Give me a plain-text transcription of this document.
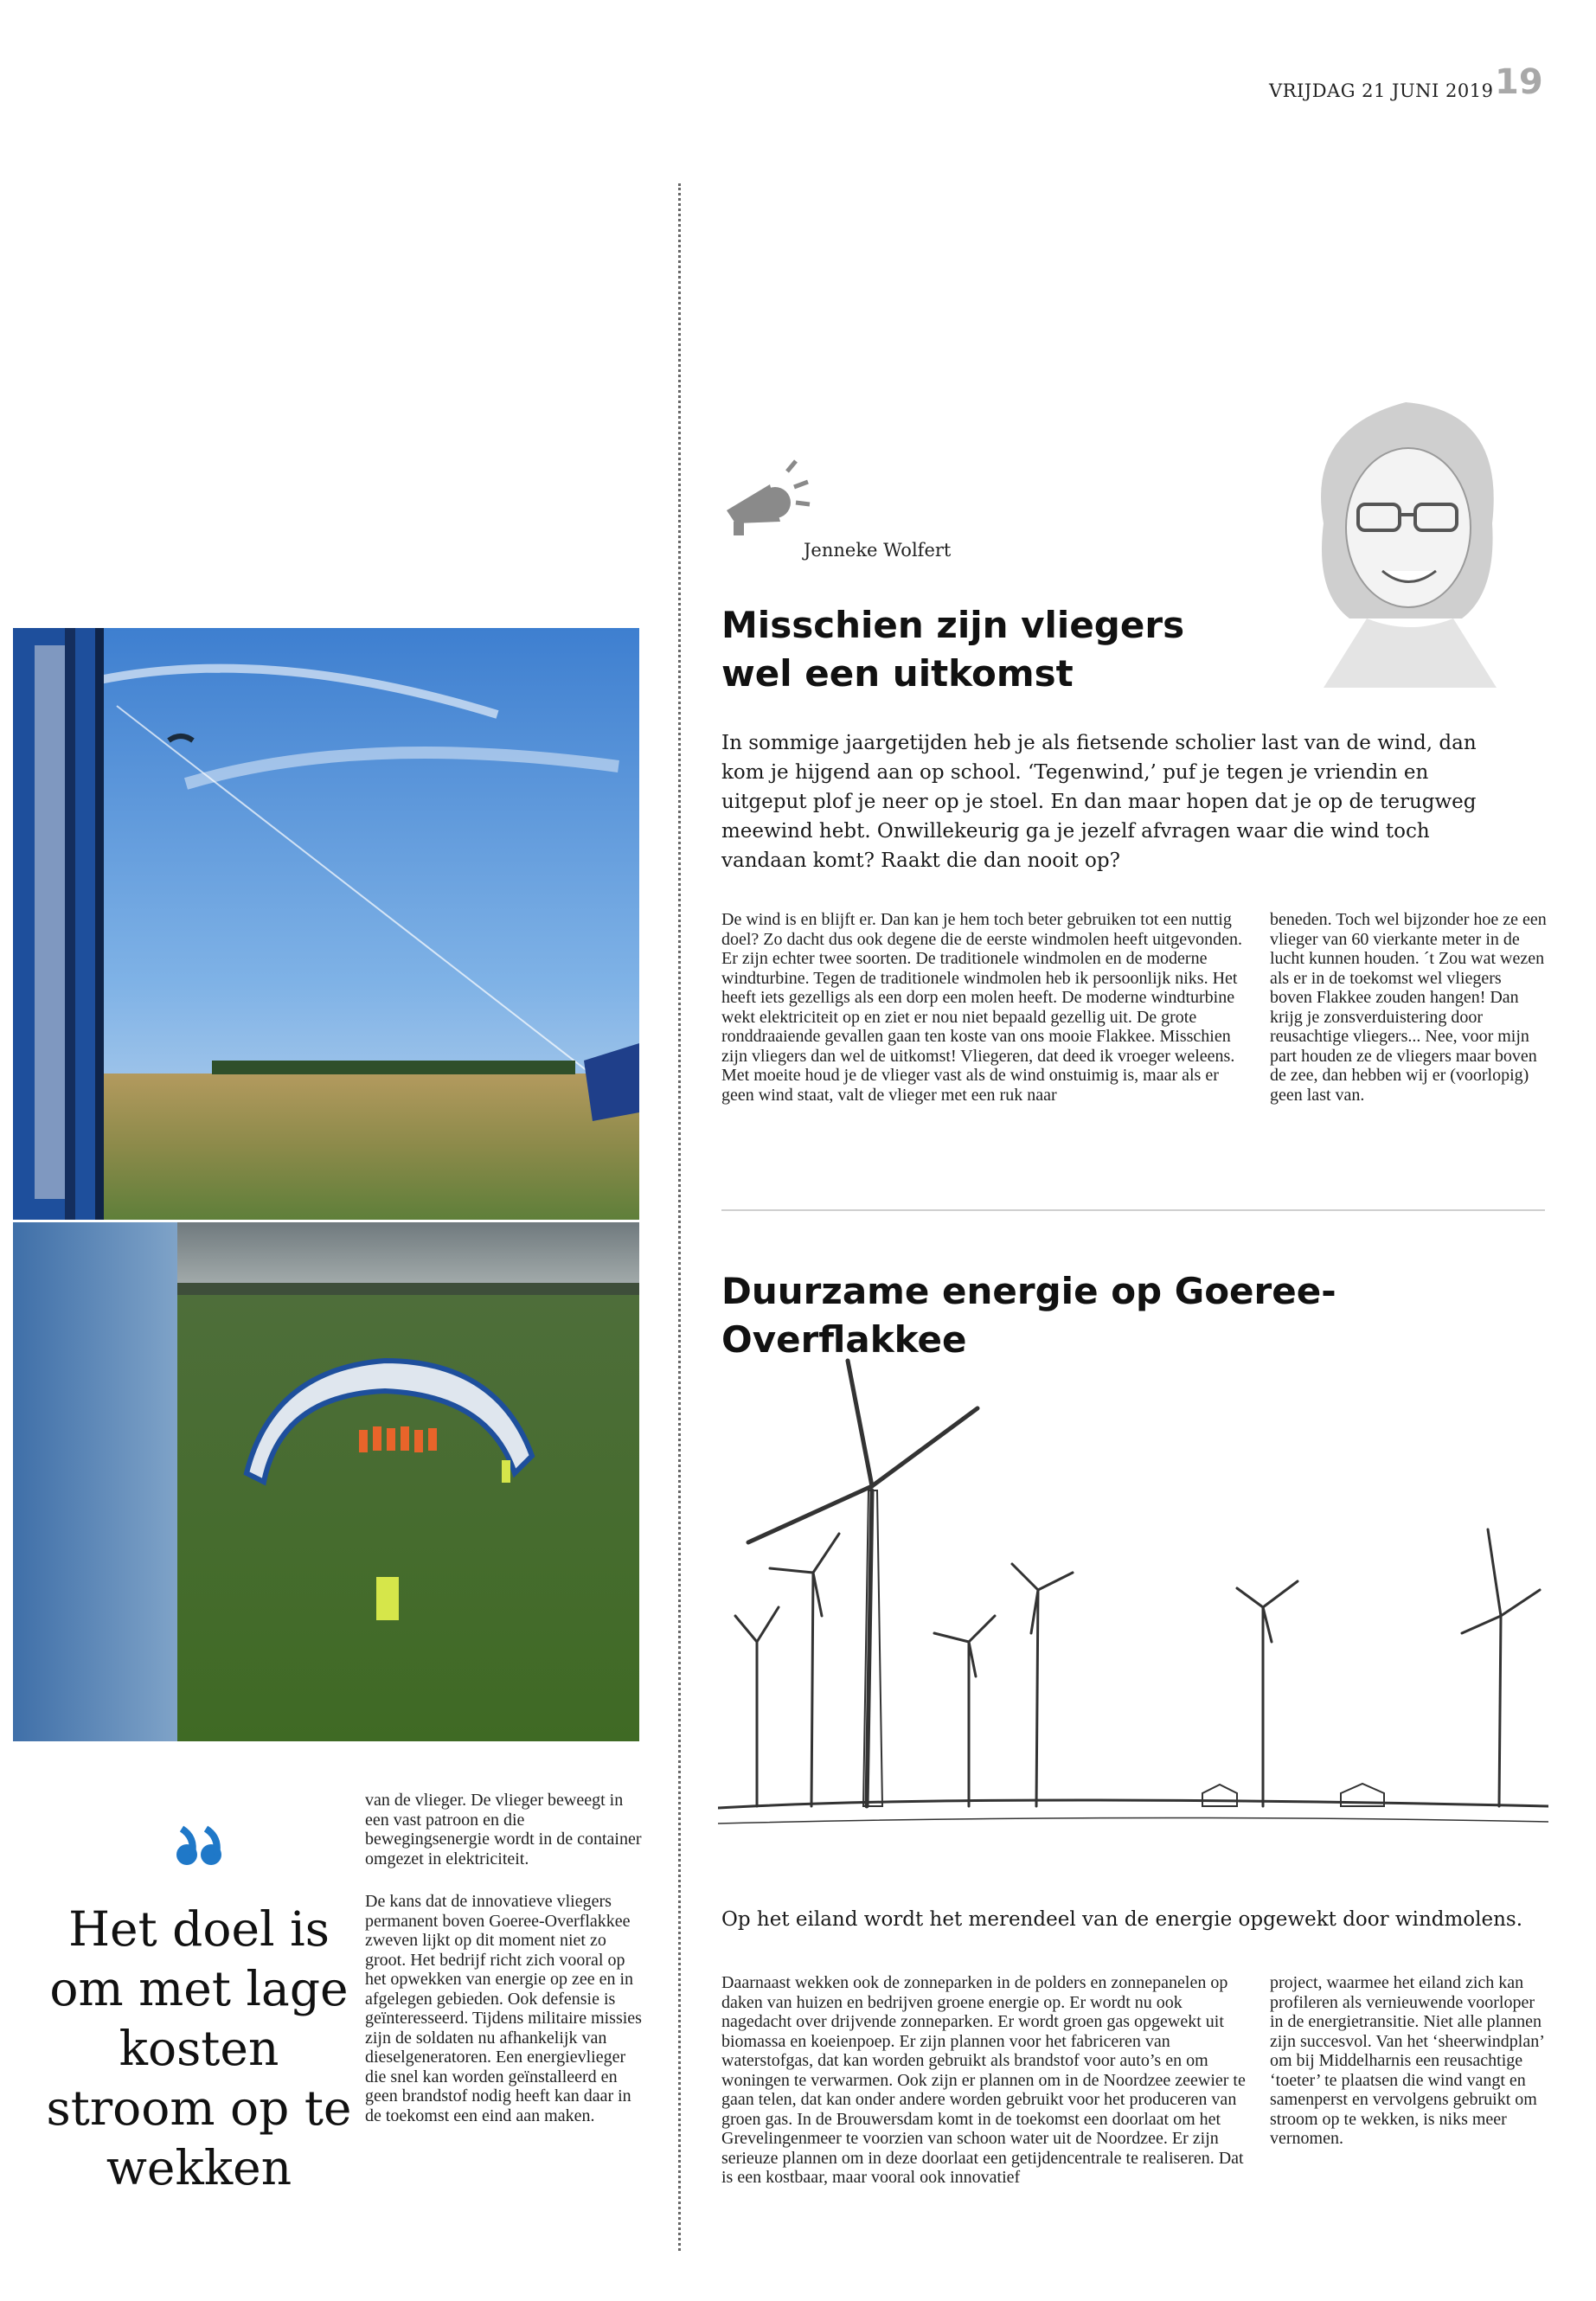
VRIJDAG 21 JUNI 2019 19
Jenneke Wolfert
Misschien zijn vliegers wel een uitkomst

In sommige jaargetijden heb je als fietsende scholier last van de wind, dan kom je hijgend aan op school. ‘Tegenwind,’ puf je tegen je vriendin en uitgeput plof je neer op je stoel. En dan maar hopen dat je op de terugweg meewind hebt. Onwillekeurig ga je jezelf afvragen waar die wind toch vandaan komt? Raakt die dan nooit op?

De wind is en blijft er. Dan kan je hem toch beter gebruiken tot een nuttig doel? Zo dacht dus ook degene die de eerste windmolen heeft uitgevonden. Er zijn echter twee soorten. De traditionele windmolen en de moderne windturbine. Tegen de traditionele windmolen heb ik persoonlijk niks. Het heeft iets gezelligs als een dorp een molen heeft. De moderne windturbine wekt elektriciteit op en ziet er nou niet bepaald gezellig uit. De grote ronddraaiende gevallen gaan ten koste van ons mooie Flakkee. Misschien zijn vliegers dan wel de uitkomst! Vliegeren, dat deed ik vroeger weleens. Met moeite houd je de vlieger vast als de wind onstuimig is, maar als er geen wind staat, valt de vlieger met een ruk naar

beneden. Toch wel bijzonder hoe ze een vlieger van 60 vierkante meter in de lucht kunnen houden. ´t Zou wat wezen als er in de toekomst wel vliegers boven Flakkee zouden hangen! Dan krijg je zonsverduistering door reusachtige vliegers... Nee, voor mijn part houden ze de vliegers maar boven de zee, dan hebben wij er (voorlopig) geen last van.

Duurzame energie op Goeree-Overflakkee

Op het eiland wordt het merendeel van de energie opgewekt door windmolens.

Daarnaast wekken ook de zonneparken in de polders en zonnepanelen op daken van huizen en bedrijven groene energie op. Er wordt nu ook nagedacht over drijvende zonneparken. Er wordt groen gas opgewekt uit biomassa en koeienpoep. Er zijn plannen voor het fabriceren van waterstofgas, dat kan worden gebruikt als brandstof voor auto’s en om woningen te verwarmen. Ook zijn er plannen om in de Noordzee zeewier te gaan telen, dat kan onder andere worden gebruikt voor het produceren van groen gas. In de Brouwersdam komt in de toekomst een doorlaat om het Grevelingenmeer te voorzien van schoon water uit de Noordzee. Er zijn serieuze plannen om in deze doorlaat een getijdencentrale te realiseren. Dat is een kostbaar, maar vooral ook innovatief

project, waarmee het eiland zich kan profileren als vernieuwende voorloper in de energietransitie. Niet alle plannen zijn succesvol. Van het ‘sheerwindplan’ om bij Middelharnis een reusachtige ‘toeter’ te plaatsen die wind vangt en samenperst en vervolgens gebruikt om stroom op te wekken, is niks meer vernomen.

Het doel is om met lage kosten stroom op te wekken

van de vlieger. De vlieger beweegt in een vast patroon en die bewegingsenergie wordt in de container omgezet in elektriciteit.

De kans dat de innovatieve vliegers permanent boven Goeree-Overflakkee zweven lijkt op dit moment niet zo groot. Het bedrijf richt zich vooral op het opwekken van energie op zee en in afgelegen gebieden. Ook defensie is geïnteresseerd. Tijdens militaire missies zijn de soldaten nu afhankelijk van dieselgeneratoren. Een energievlieger die snel kan worden geïnstalleerd en geen brandstof nodig heeft kan daar in de toekomst een eind aan maken.
